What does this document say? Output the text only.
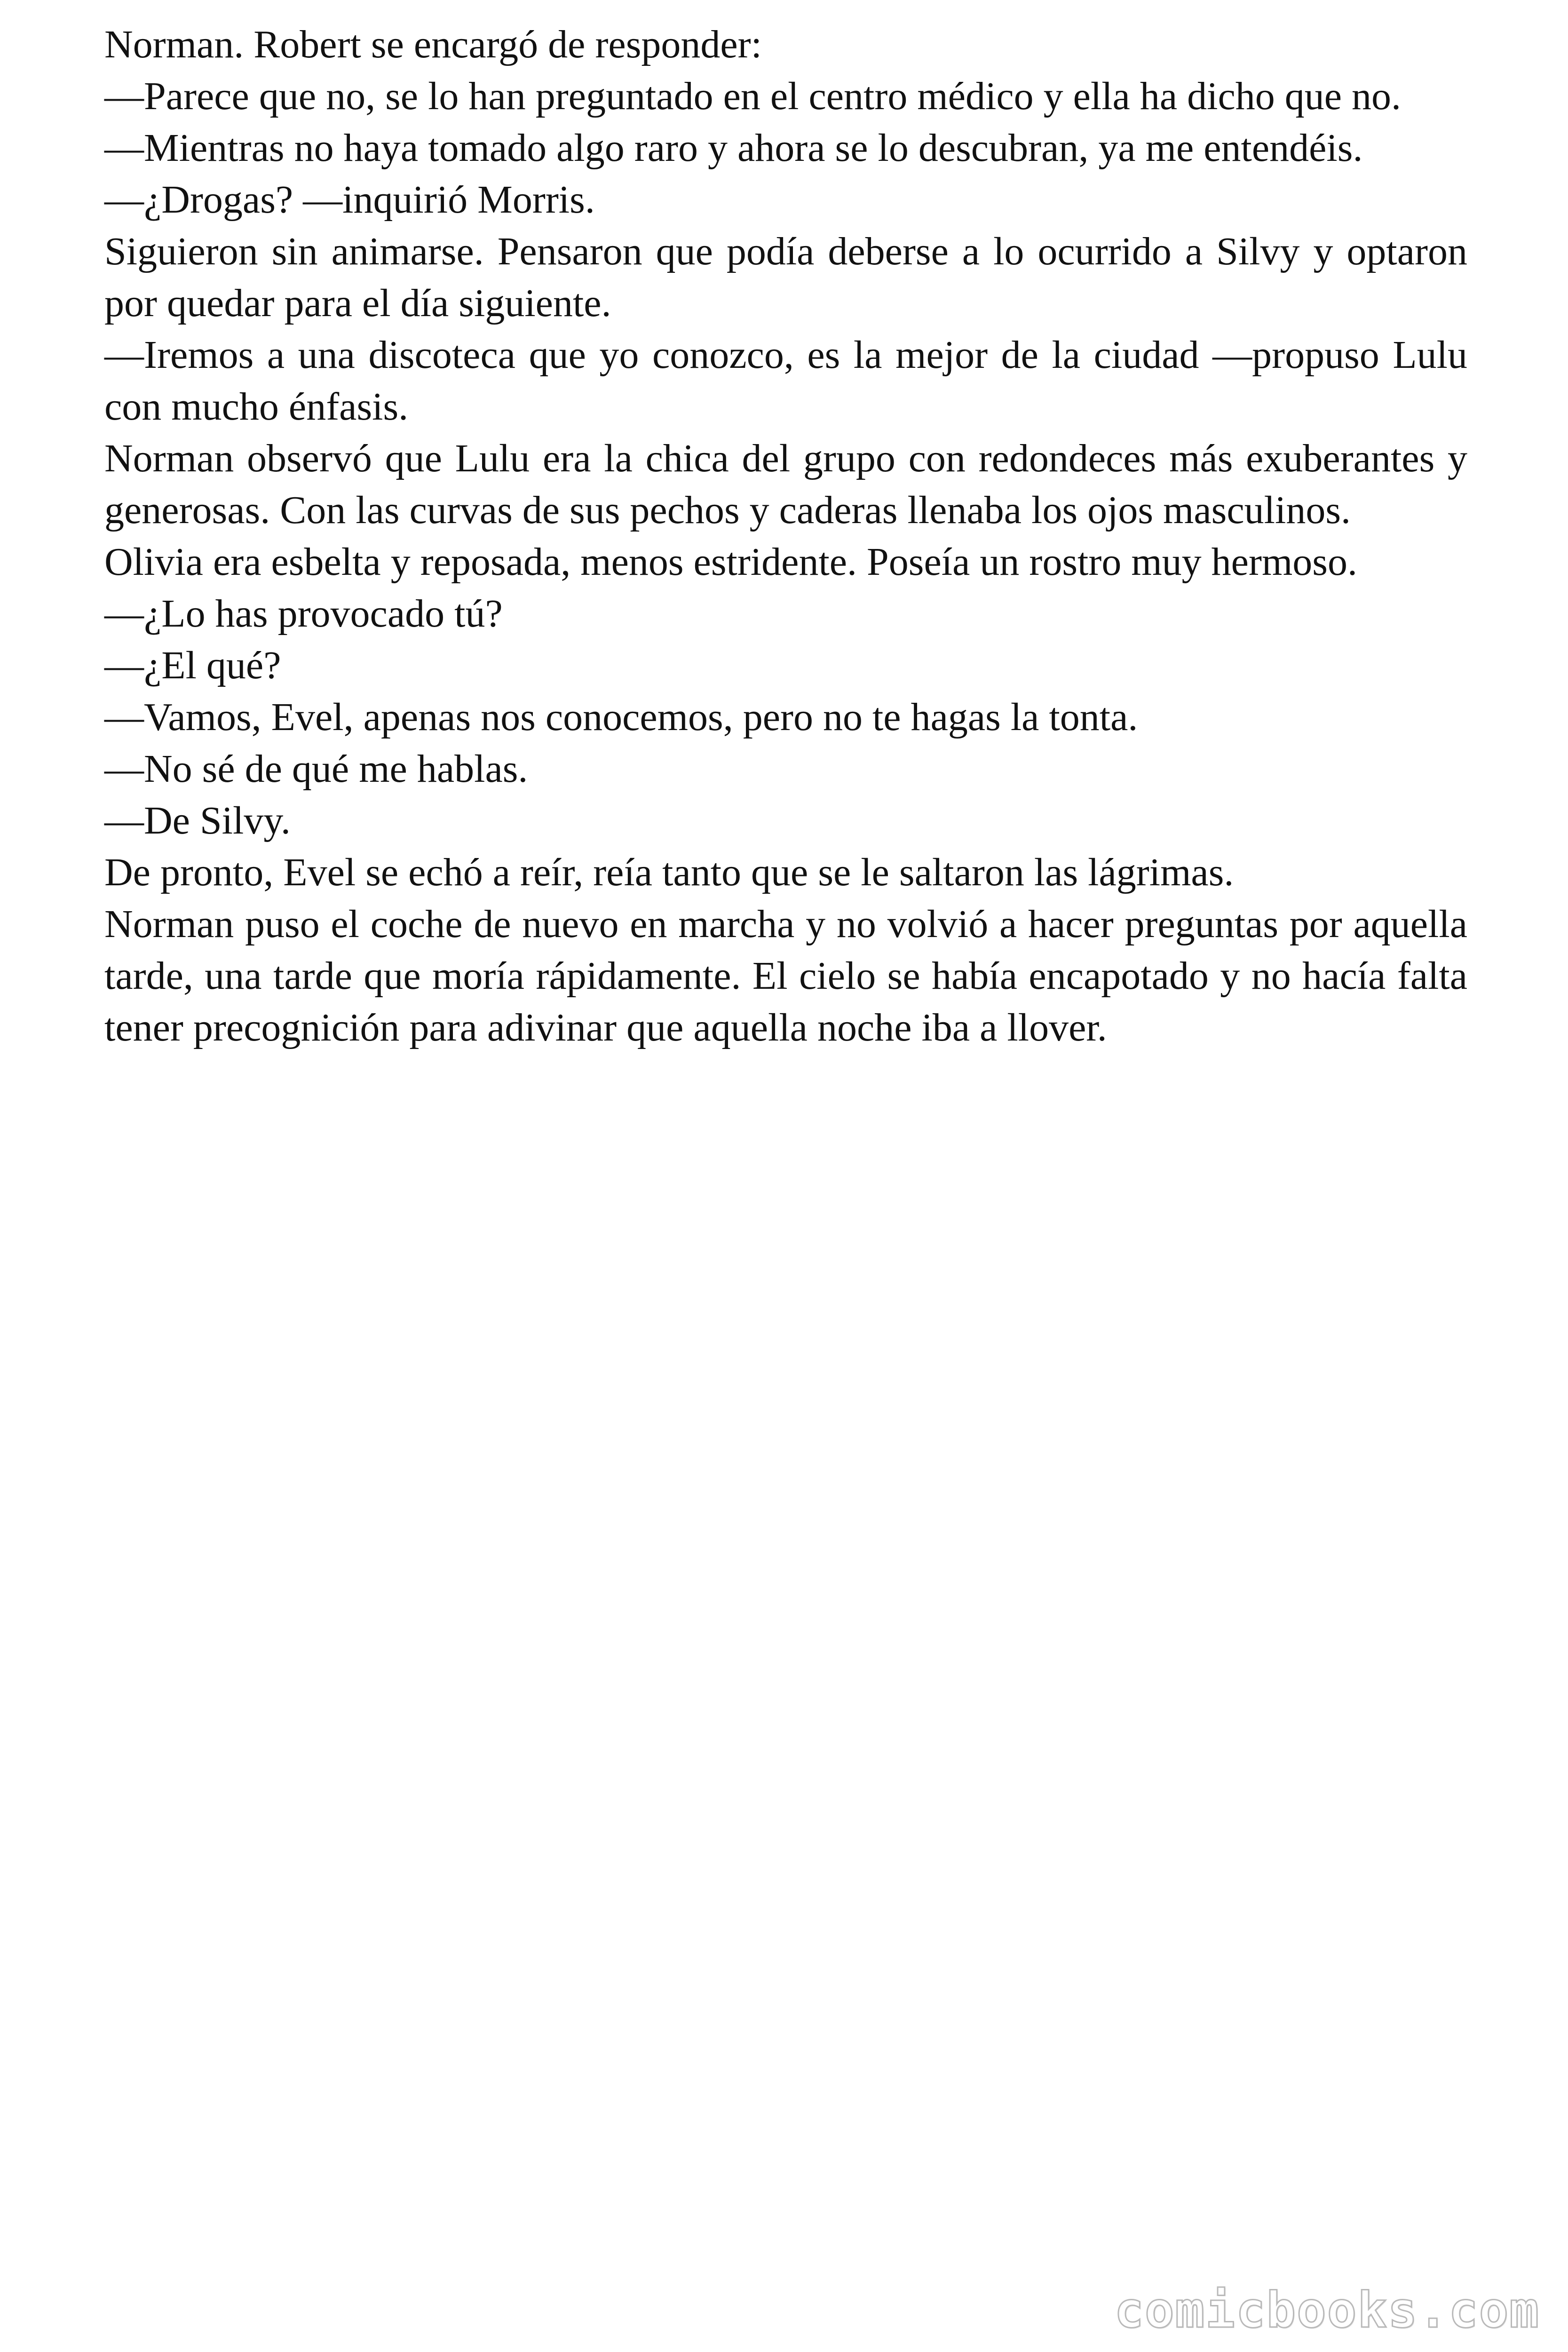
Norman. Robert se encargó de responder:

—Parece que no, se lo han preguntado en el centro médico y ella ha dicho que no.

—Mientras no haya tomado algo raro y ahora se lo descubran, ya me entendéis.

—¿Drogas? —inquirió Morris.

Siguieron sin animarse. Pensaron que podía deberse a lo ocurrido a Silvy y optaron por quedar para el día siguiente.

—Iremos a una discoteca que yo conozco, es la mejor de la ciudad —propuso Lulu con mucho énfasis.

Norman observó que Lulu era la chica del grupo con redondeces más exuberantes y generosas. Con las curvas de sus pechos y caderas llenaba los ojos masculinos.

Olivia era esbelta y reposada, menos estridente. Poseía un rostro muy hermoso.

—¿Lo has provocado tú?

—¿El qué?

—Vamos, Evel, apenas nos conocemos, pero no te hagas la tonta.

—No sé de qué me hablas.

—De Silvy.

De pronto, Evel se echó a reír, reía tanto que se le saltaron las lágrimas.

Norman puso el coche de nuevo en marcha y no volvió a hacer preguntas por aquella tarde, una tarde que moría rápidamente. El cielo se había encapotado y no hacía falta tener precognición para adivinar que aquella noche iba a llover.

comicbooks.com
